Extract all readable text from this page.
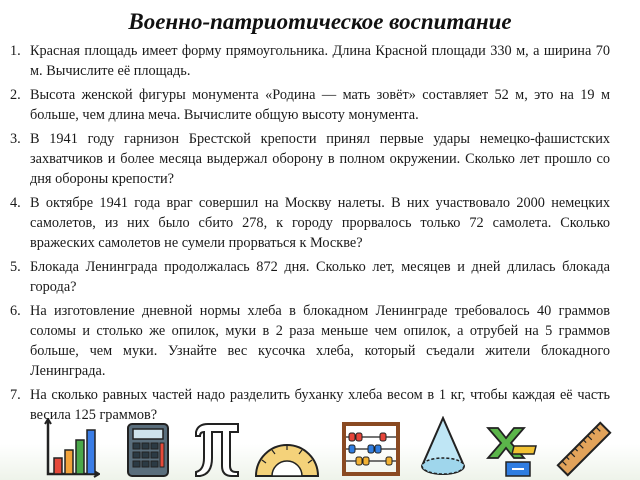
Военно-патриотическое воспитание
1. Красная площадь имеет форму прямоугольника. Длина Красной площади 330 м, а ширина 70 м. Вычислите её площадь.
2. Высота женской фигуры монумента «Родина — мать зовёт» составляет 52 м, это на 19 м больше, чем длина меча. Вычислите общую высоту монумента.
3. В 1941 году гарнизон Брестской крепости принял первые удары немецко-фашистских захватчиков и более месяца выдержал оборону в полном окружении. Сколько лет прошло со дня обороны крепости?
4. В октябре 1941 года враг совершил на Москву налеты. В них участвовало 2000 немецких самолетов, из них было сбито 278, к городу прорвалось только 72 самолета. Сколько вражеских самолетов не сумели прорваться к Москве?
5. Блокада Ленинграда продолжалась 872 дня. Сколько лет, месяцев и дней длилась блокада города?
6. На изготовление дневной нормы хлеба в блокадном Ленинграде требовалось 40 граммов соломы и столько же опилок, муки в 2 раза меньше чем опилок, а отрубей на 5 граммов больше, чем муки. Узнайте вес кусочка хлеба, который съедали жители блокадного Ленинграда.
7. На сколько равных частей надо разделить буханку хлеба весом в 1 кг, чтобы каждая её часть весила 125 граммов?
